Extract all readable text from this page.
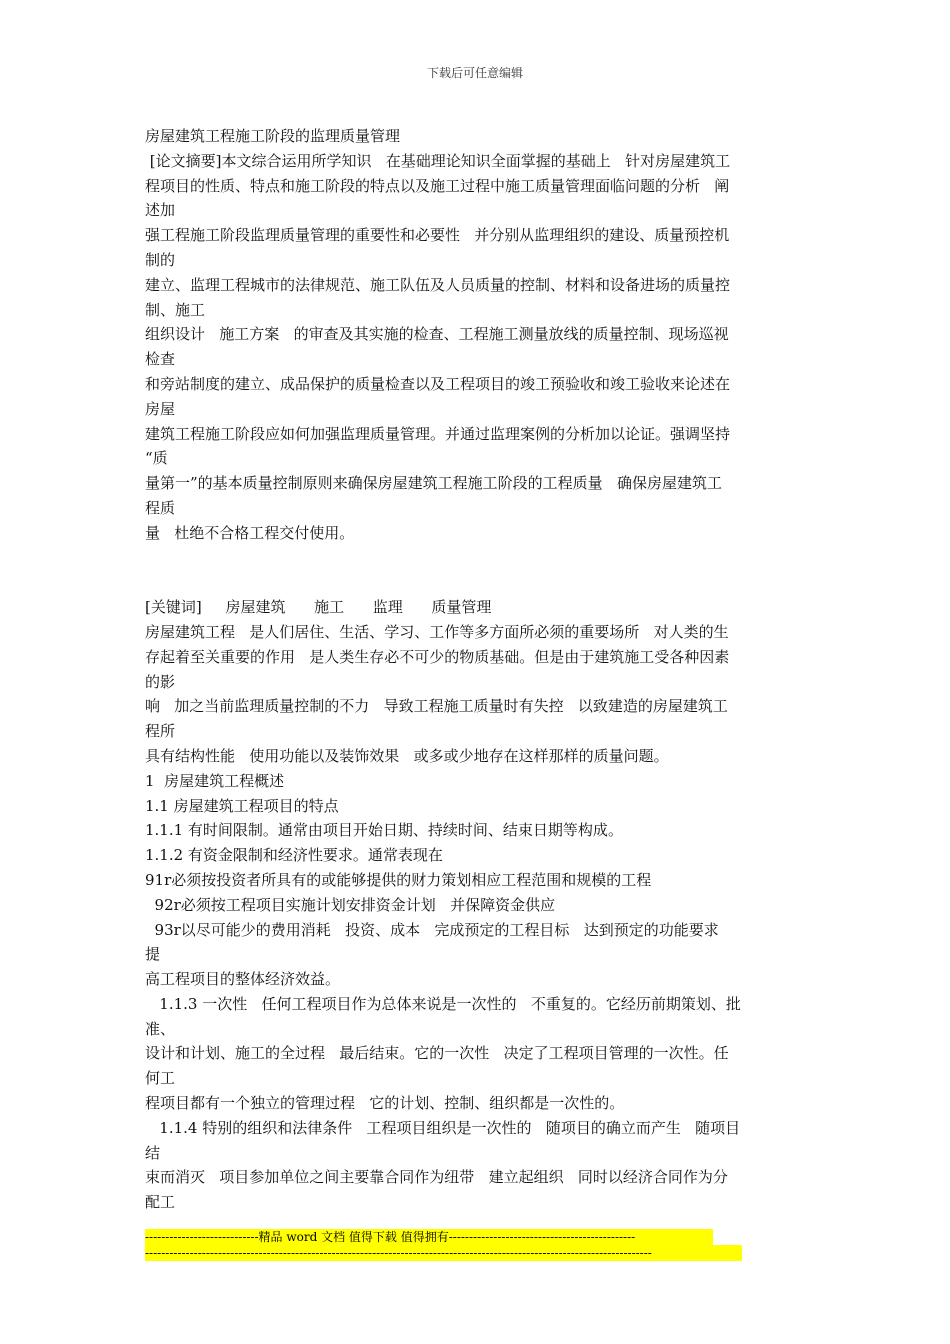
下载后可任意编辑
房屋建筑工程施工阶段的监理质量管理
[论文摘要]本文综合运用所学知识   在基础理论知识全面掌握的基础上   针对房屋建筑工
程项目的性质、特点和施工阶段的特点以及施工过程中施工质量管理面临问题的分析   阐
述加
强工程施工阶段监理质量管理的重要性和必要性   并分别从监理组织的建设、质量预控机
制的
建立、监理工程城市的法律规范、施工队伍及人员质量的控制、材料和设备进场的质量控
制、施工
组织设计   施工方案   的审查及其实施的检查、工程施工测量放线的质量控制、现场巡视
检查
和旁站制度的建立、成品保护的质量检查以及工程项目的竣工预验收和竣工验收来论述在
房屋
建筑工程施工阶段应如何加强监理质量管理。并通过监理案例的分析加以论证。强调坚持
“质
量第一”的基本质量控制原则来确保房屋建筑工程施工阶段的工程质量   确保房屋建筑工
程质
量   杜绝不合格工程交付使用。
[关键词]     房屋建筑      施工      监理      质量管理
房屋建筑工程   是人们居住、生活、学习、工作等多方面所必须的重要场所   对人类的生
存起着至关重要的作用   是人类生存必不可少的物质基础。但是由于建筑施工受各种因素
的影
响   加之当前监理质量控制的不力   导致工程施工质量时有失控   以致建造的房屋建筑工
程所
具有结构性能   使用功能以及装饰效果   或多或少地存在这样那样的质量问题。
1  房屋建筑工程概述
1.1 房屋建筑工程项目的特点
1.1.1 有时间限制。通常由项目开始日期、持续时间、结束日期等构成。
1.1.2 有资金限制和经济性要求。通常表现在
91r必须按投资者所具有的或能够提供的财力策划相应工程范围和规模的工程
92r必须按工程项目实施计划安排资金计划   并保障资金供应
93r以尽可能少的费用消耗   投资、成本   完成预定的工程目标   达到预定的功能要求
提
高工程项目的整体经济效益。
1.1.3 一次性   任何工程项目作为总体来说是一次性的   不重复的。它经历前期策划、批
准、
设计和计划、施工的全过程   最后结束。它的一次性   决定了工程项目管理的一次性。任
何工
程项目都有一个独立的管理过程   它的计划、控制、组织都是一次性的。
1.1.4 特别的组织和法律条件   工程项目组织是一次性的   随项目的确立而产生   随项目
结
束而消灭   项目参加单位之间主要靠合同作为纽带   建立起组织   同时以经济合同作为分
配工
----------------------------精品 word 文档 值得下载 值得拥有----------------------------------------------
-----------------------------------------------------------------------------------------------------------------------------
